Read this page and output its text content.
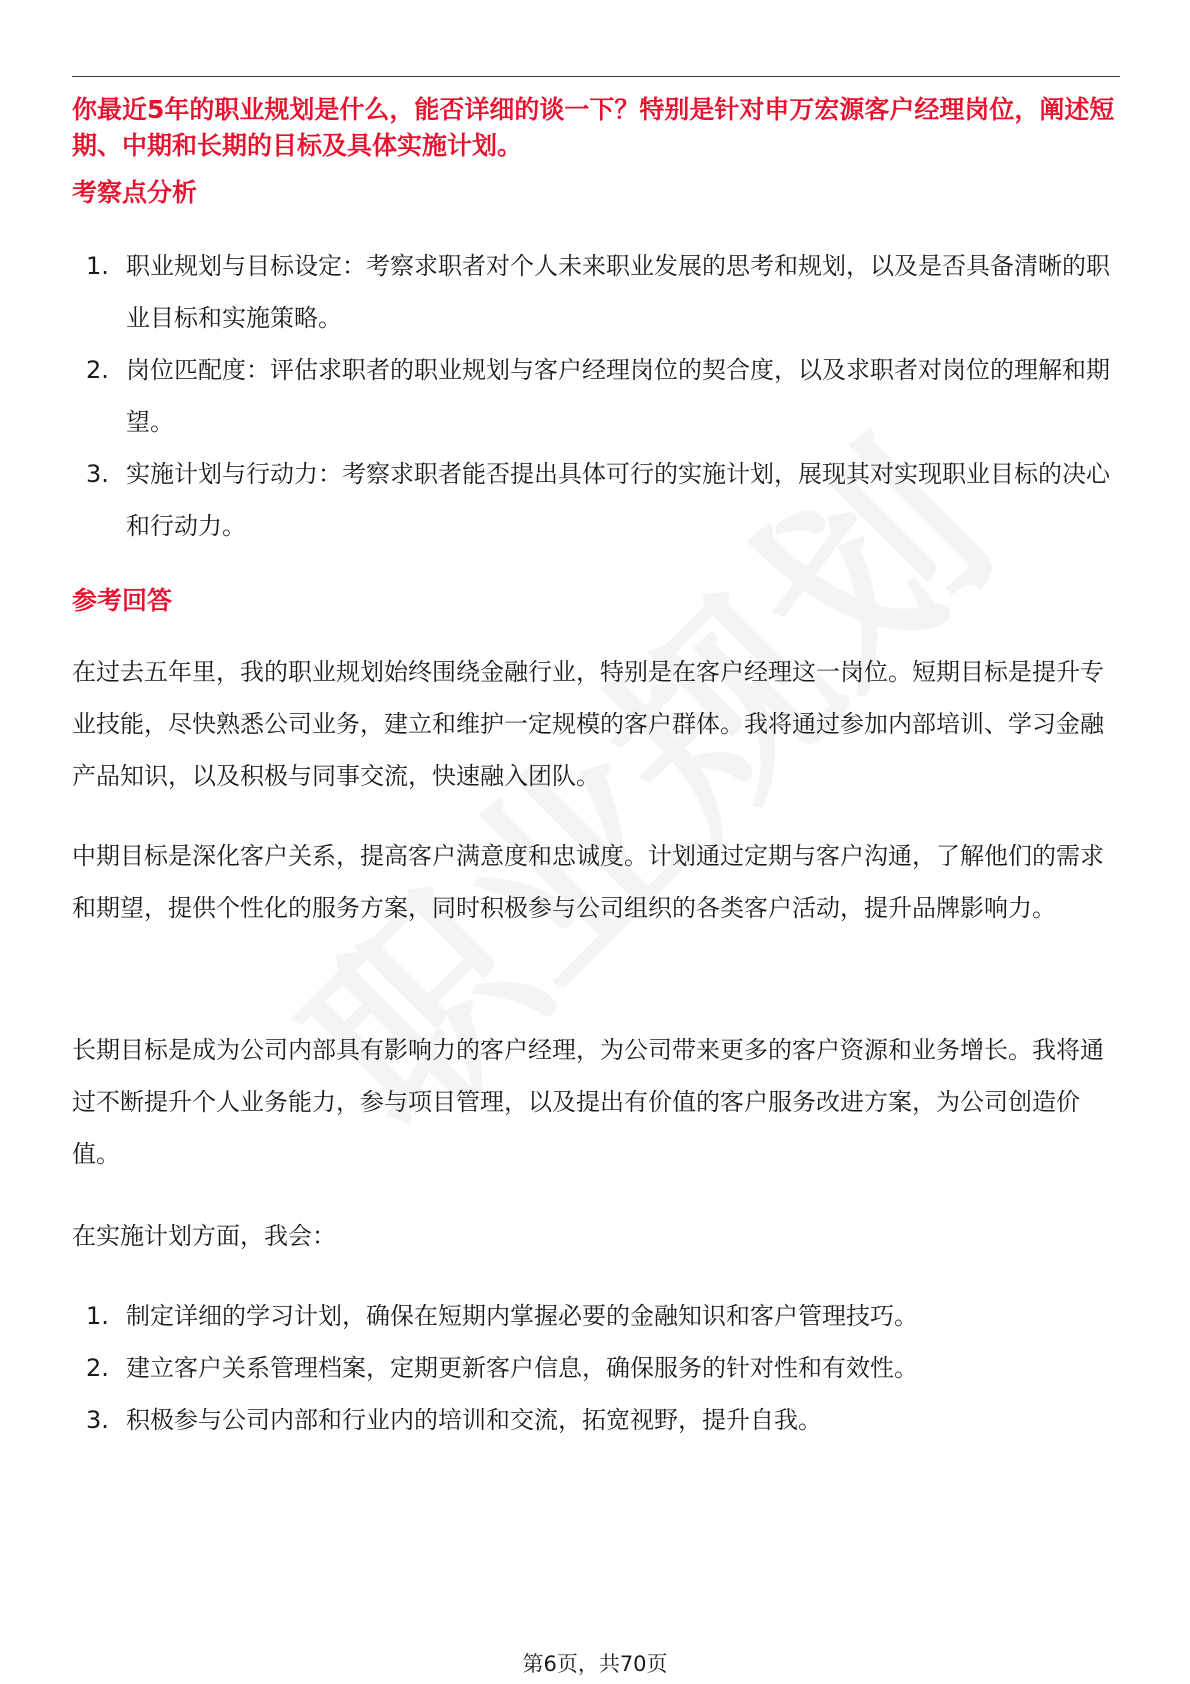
你最近5年的职业规划是什么，能否详细的谈一下？特别是针对申万宏源客户经理岗位，阐述短期、中期和长期的目标及具体实施计划。
考察点分析
1. 职业规划与目标设定：考察求职者对个人未来职业发展的思考和规划，以及是否具备清晰的职业目标和实施策略。
2. 岗位匹配度：评估求职者的职业规划与客户经理岗位的契合度，以及求职者对岗位的理解和期望。
3. 实施计划与行动力：考察求职者能否提出具体可行的实施计划，展现其对实现职业目标的决心和行动力。
参考回答

在过去五年里，我的职业规划始终围绕金融行业，特别是在客户经理这一岗位。短期目标是提升专业技能，尽快熟悉公司业务，建立和维护一定规模的客户群体。我将通过参加内部培训、学习金融产品知识，以及积极与同事交流，快速融入团队。

中期目标是深化客户关系，提高客户满意度和忠诚度。计划通过定期与客户沟通，了解他们的需求和期望，提供个性化的服务方案，同时积极参与公司组织的各类客户活动，提升品牌影响力。

长期目标是成为公司内部具有影响力的客户经理，为公司带来更多的客户资源和业务增长。我将通过不断提升个人业务能力，参与项目管理，以及提出有价值的客户服务改进方案，为公司创造价值。

在实施计划方面，我会：

1. 制定详细的学习计划，确保在短期内掌握必要的金融知识和客户管理技巧。
2. 建立客户关系管理档案，定期更新客户信息，确保服务的针对性和有效性。
3. 积极参与公司内部和行业内的培训和交流，拓宽视野，提升自我。
第6页，共70页
